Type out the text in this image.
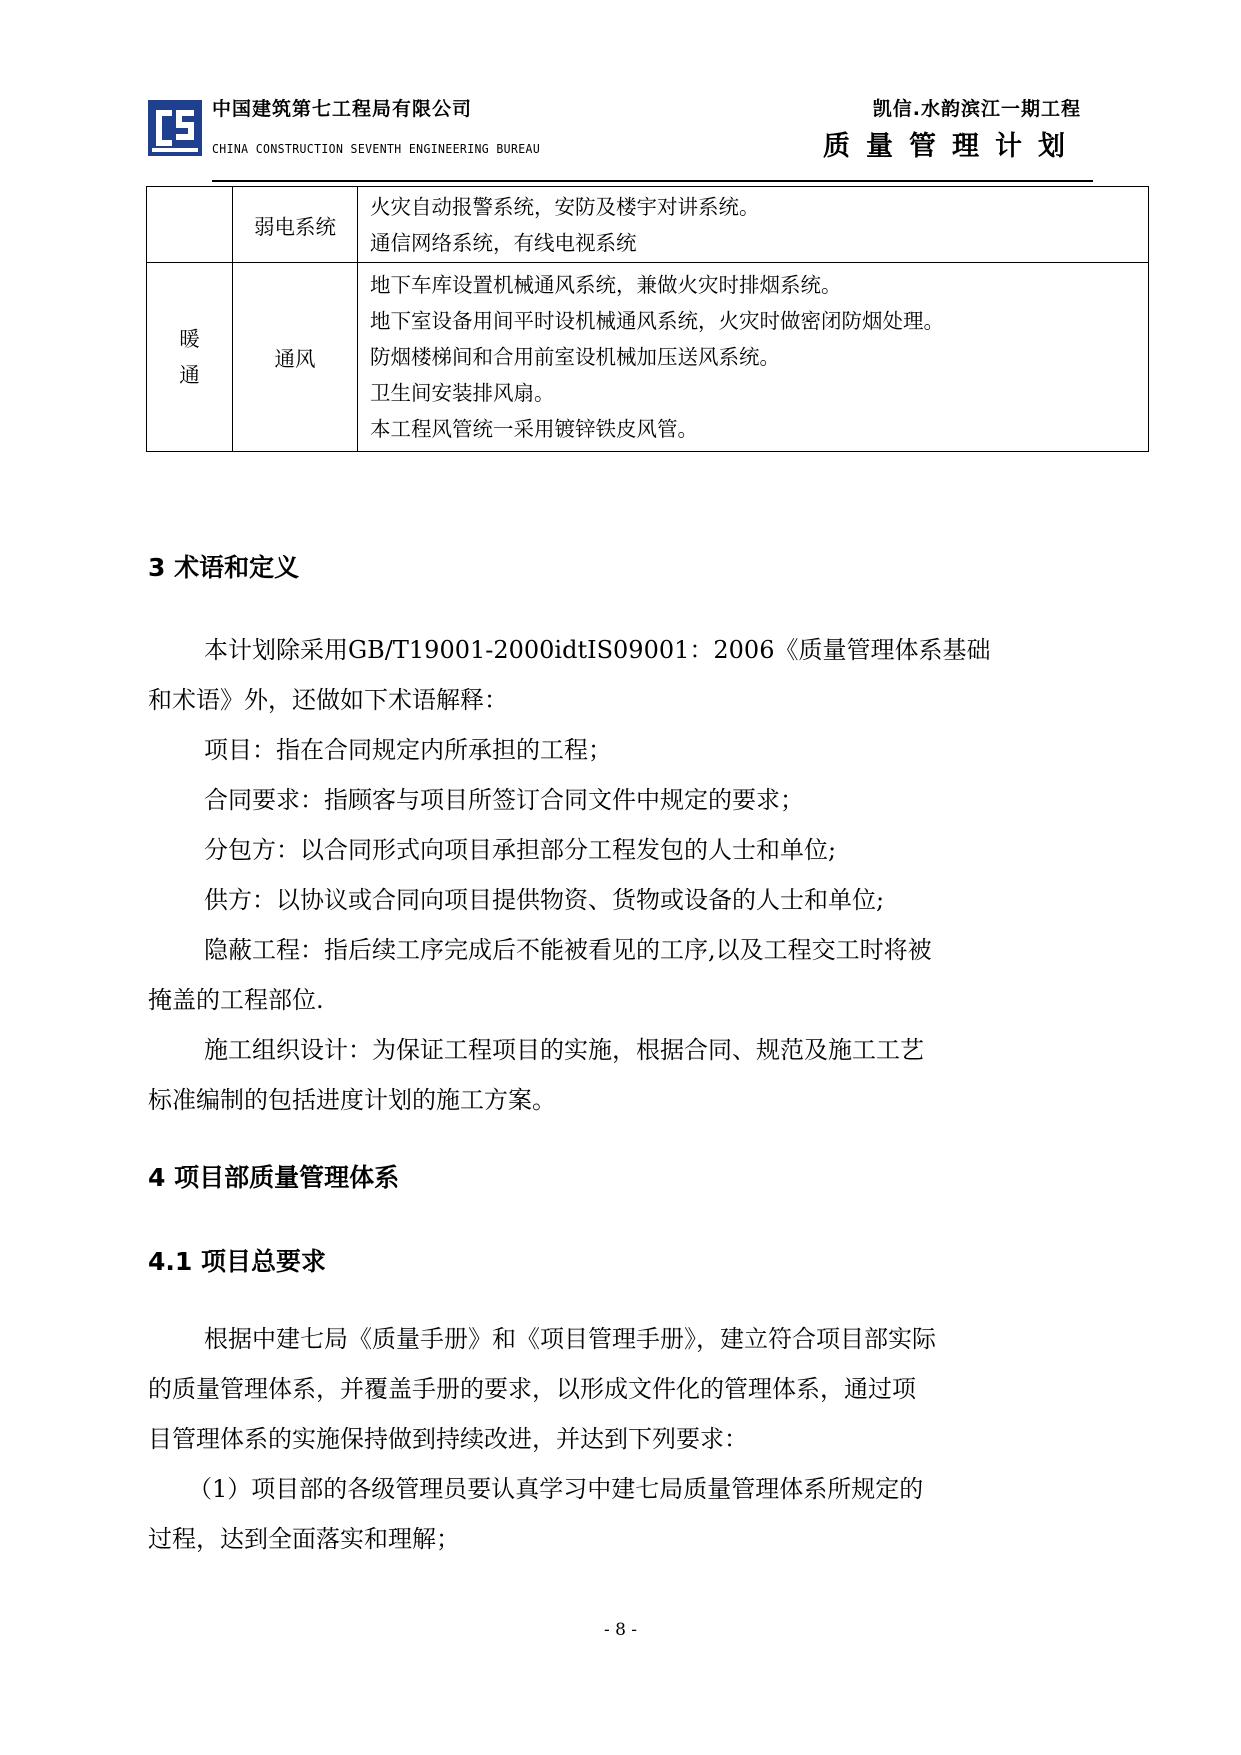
中国建筑第七工程局有限公司
CHINA CONSTRUCTION SEVENTH ENGINEERING BUREAU
凯信.水韵滨江一期工程
质量管理计划
	弱电系统	火灾自动报警系统，安防及楼宇对讲系统。
通信网络系统，有线电视系统

暖
通	通风	地下车库设置机械通风系统，兼做火灾时排烟系统。
地下室设备用间平时设机械通风系统，火灾时做密闭防烟处理。
防烟楼梯间和合用前室设机械加压送风系统。
卫生间安装排风扇。
本工程风管统一采用镀锌铁皮风管。
3 术语和定义
本计划除采用GB/T19001-2000idtIS09001：2006《质量管理体系基础
和术语》外，还做如下术语解释：
项目：指在合同规定内所承担的工程；
合同要求：指顾客与项目所签订合同文件中规定的要求；
分包方：以合同形式向项目承担部分工程发包的人士和单位;
供方：以协议或合同向项目提供物资、货物或设备的人士和单位;
隐蔽工程：指后续工序完成后不能被看见的工序,以及工程交工时将被
掩盖的工程部位.
施工组织设计：为保证工程项目的实施，根据合同、规范及施工工艺
标准编制的包括进度计划的施工方案。
4 项目部质量管理体系
4.1 项目总要求
根据中建七局《质量手册》和《项目管理手册》，建立符合项目部实际
的质量管理体系，并覆盖手册的要求，以形成文件化的管理体系，通过项
目管理体系的实施保持做到持续改进，并达到下列要求：
（1）项目部的各级管理员要认真学习中建七局质量管理体系所规定的
过程，达到全面落实和理解；
- 8 -
